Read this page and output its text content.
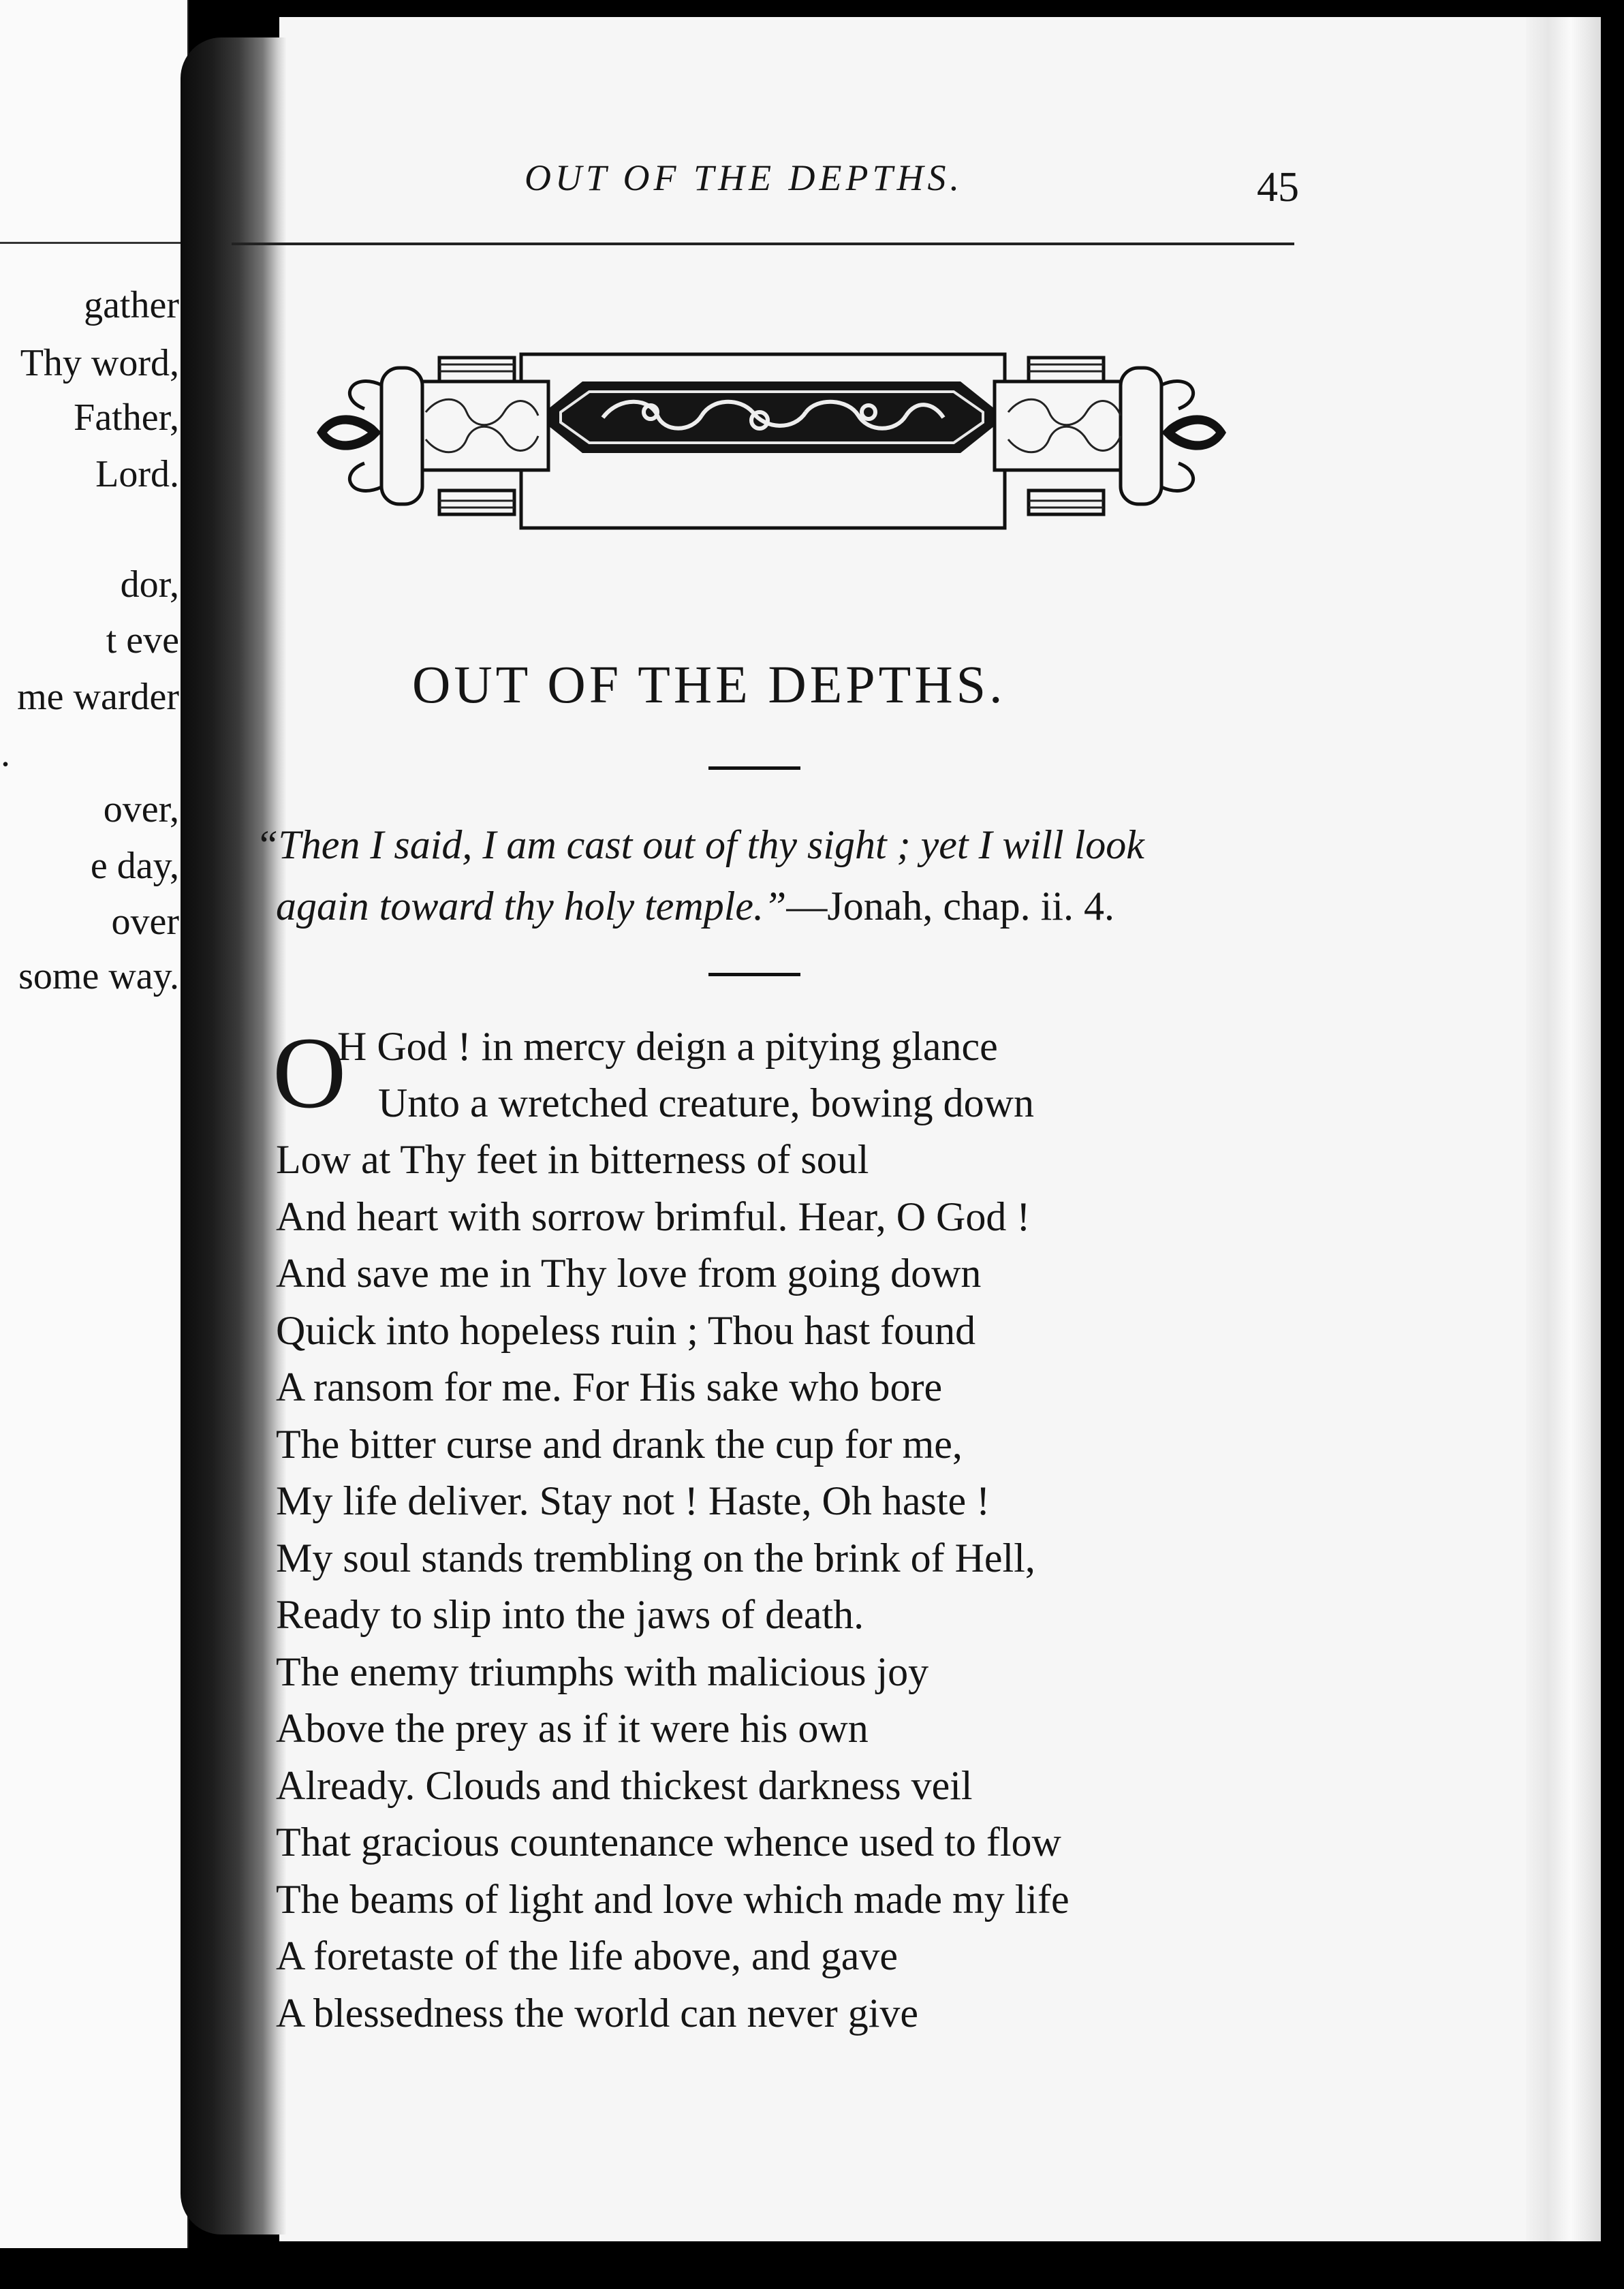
gather
Thy word,
Father,
Lord.
dor,
t eve
me warder
.
over,
e day,
over
some way.
OUT OF THE DEPTHS.	45
OUT OF THE DEPTHS.
“Then I said, I am cast out of thy sight ; yet I will look
again toward thy holy temple.”—Jonah, chap. ii. 4.
O
H God ! in mercy deign a pitying glance
Unto a wretched creature, bowing down
Low at Thy feet in bitterness of soul
And heart with sorrow brimful. Hear, O God !
And save me in Thy love from going down
Quick into hopeless ruin ; Thou hast found
A ransom for me. For His sake who bore
The bitter curse and drank the cup for me,
My life deliver. Stay not ! Haste, Oh haste !
My soul stands trembling on the brink of Hell,
Ready to slip into the jaws of death.
The enemy triumphs with malicious joy
Above the prey as if it were his own
Already. Clouds and thickest darkness veil
That gracious countenance whence used to flow
The beams of light and love which made my life
A foretaste of the life above, and gave
A blessedness the world can never give
